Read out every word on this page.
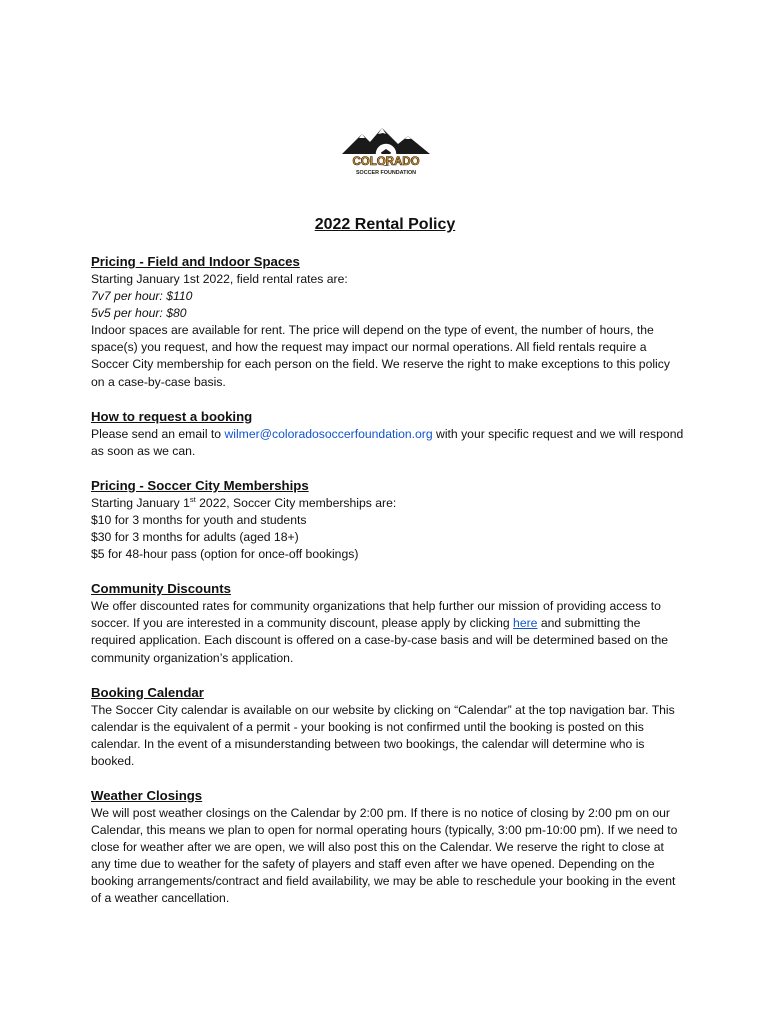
COLORADO
SOCCER FOUNDATION
2022 Rental Policy
Pricing - Field and Indoor Spaces

Starting January 1st 2022, field rental rates are:

7v7 per hour: $110

5v5 per hour: $80

Indoor spaces are available for rent. The price will depend on the type of event, the number of hours, the space(s) you request, and how the request may impact our normal operations. All field rentals require a Soccer City membership for each person on the field. We reserve the right to make exceptions to this policy on a case-by-case basis.

How to request a booking

Please send an email to wilmer@coloradosoccerfoundation.org with your specific request and we will respond as soon as we can.

Pricing - Soccer City Memberships

Starting January 1st 2022, Soccer City memberships are:

$10 for 3 months for youth and students

$30 for 3 months for adults (aged 18+)

$5 for 48-hour pass (option for once-off bookings)

Community Discounts

We offer discounted rates for community organizations that help further our mission of providing access to soccer. If you are interested in a community discount, please apply by clicking here and submitting the required application. Each discount is offered on a case-by-case basis and will be determined based on the community organization’s application.

Booking Calendar

The Soccer City calendar is available on our website by clicking on “Calendar” at the top navigation bar. This calendar is the equivalent of a permit - your booking is not confirmed until the booking is posted on this calendar. In the event of a misunderstanding between two bookings, the calendar will determine who is booked.

Weather Closings

We will post weather closings on the Calendar by 2:00 pm. If there is no notice of closing by 2:00 pm on our Calendar, this means we plan to open for normal operating hours (typically, 3:00 pm-10:00 pm). If we need to close for weather after we are open, we will also post this on the Calendar. We reserve the right to close at any time due to weather for the safety of players and staff even after we have opened. Depending on the booking arrangements/contract and field availability, we may be able to reschedule your booking in the event of a weather cancellation.
